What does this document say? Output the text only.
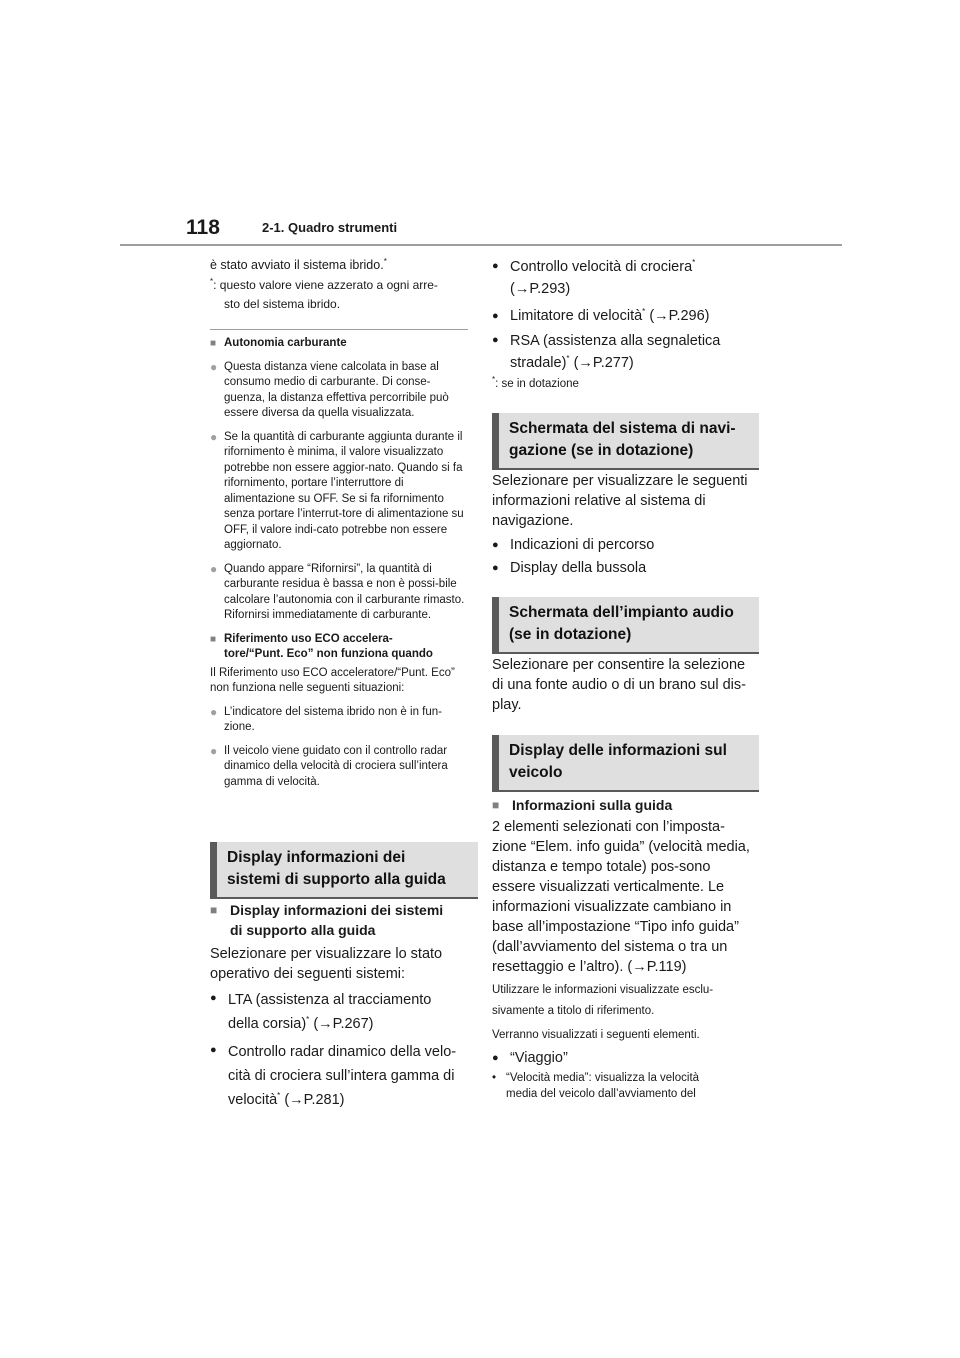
118	2-1. Quadro strumenti

è stato avviato il sistema ibrido.*

*: questo valore viene azzerato a ogni arre-
sto del sistema ibrido.
■ Autonomia carburante
● Questa distanza viene calcolata in base al consumo medio di carburante. Di conse-guenza, la distanza effettiva percorribile può essere diversa da quella visualizzata.
● Se la quantità di carburante aggiunta durante il rifornimento è minima, il valore visualizzato potrebbe non essere aggior-nato. Quando si fa rifornimento, portare l’interruttore di alimentazione su OFF. Se si fa rifornimento senza portare l’interrut-tore di alimentazione su OFF, il valore indi-cato potrebbe non essere aggiornato.
● Quando appare “Rifornirsi”, la quantità di carburante residua è bassa e non è possi-bile calcolare l’autonomia con il carburante rimasto.
Rifornirsi immediatamente di carburante.
■ Riferimento uso ECO accelera-
tore/“Punt. Eco” non funziona quando

Il Riferimento uso ECO acceleratore/“Punt. Eco” non funziona nelle seguenti situazioni:

● L’indicatore del sistema ibrido non è in fun-zione.
● Il veicolo viene guidato con il controllo radar dinamico della velocità di crociera sull’intera gamma di velocità.
Display informazioni dei
sistemi di supporto alla guida
■ Display informazioni dei sistemi
di supporto alla guida

Selezionare per visualizzare lo stato operativo dei seguenti sistemi:

● LTA (assistenza al tracciamento
della corsia)* (→P.267)
● Controllo radar dinamico della velo-
cità di crociera sull’intera gamma di
velocità* (→P.281)
● Controllo velocità di crociera*
(→P.293)
● Limitatore di velocità* (→P.296)
● RSA (assistenza alla segnaletica
stradale)* (→P.277)
*: se in dotazione
Schermata del sistema di navi-
gazione (se in dotazione)

Selezionare per visualizzare le seguenti informazioni relative al sistema di navigazione.

● Indicazioni di percorso
● Display della bussola
Schermata dell’impianto audio
(se in dotazione)

Selezionare per consentire la selezione di una fonte audio o di un brano sul dis-play.

Display delle informazioni sul
veicolo
■ Informazioni sulla guida

2 elementi selezionati con l’imposta-zione “Elem. info guida” (velocità media, distanza e tempo totale) pos-sono essere visualizzati verticalmente. Le informazioni visualizzate cambiano in base all’impostazione “Tipo info guida” (dall’avviamento del sistema o tra un resettaggio e l’altro). (→P.119)

Utilizzare le informazioni visualizzate esclu-
sivamente a titolo di riferimento.

Verranno visualizzati i seguenti elementi.

● “Viaggio”
• “Velocità media”: visualizza la velocità
media del veicolo dall’avviamento del
